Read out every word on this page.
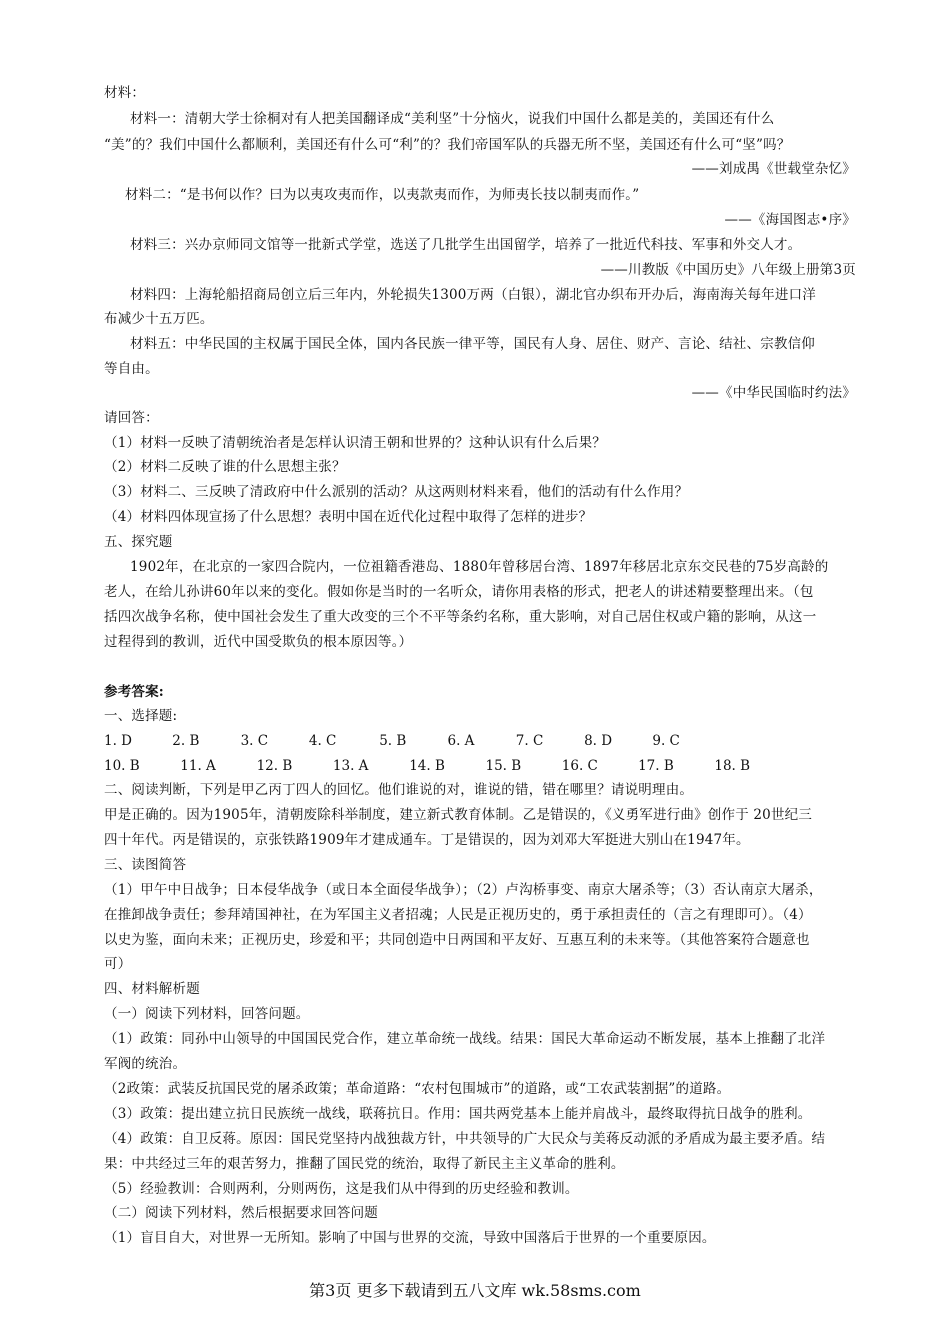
材料：
材料一：清朝大学士徐桐对有人把美国翻译成“美利坚”十分恼火，说我们中国什么都是美的，美国还有什么
“美”的？我们中国什么都顺利，美国还有什么可“利”的？我们帝国军队的兵器无所不坚，美国还有什么可“坚”吗？
——刘成禺《世载堂杂忆》
材料二：“是书何以作？曰为以夷攻夷而作，以夷款夷而作，为师夷长技以制夷而作。”
——《海国图志•序》
材料三：兴办京师同文馆等一批新式学堂，选送了几批学生出国留学，培养了一批近代科技、军事和外交人才。
——川教版《中国历史》八年级上册第3页
材料四：上海轮船招商局创立后三年内，外轮损失1300万两（白银），湖北官办织布开办后，海南海关每年进口洋
布减少十五万匹。
材料五：中华民国的主权属于国民全体，国内各民族一律平等，国民有人身、居住、财产、言论、结社、宗教信仰
等自由。
——《中华民国临时约法》
请回答：
（1）材料一反映了清朝统治者是怎样认识清王朝和世界的？这种认识有什么后果？
（2）材料二反映了谁的什么思想主张？
（3）材料二、三反映了清政府中什么派别的活动？从这两则材料来看，他们的活动有什么作用？
（4）材料四体现宣扬了什么思想？表明中国在近代化过程中取得了怎样的进步？
五、探究题
1902年，在北京的一家四合院内，一位祖籍香港岛、1880年曾移居台湾、1897年移居北京东交民巷的75岁高龄的
老人，在给儿孙讲60年以来的变化。假如你是当时的一名听众，请你用表格的形式，把老人的讲述精要整理出来。（包
括四次战争名称，使中国社会发生了重大改变的三个不平等条约名称，重大影响，对自己居住权或户籍的影响，从这一
过程得到的教训，近代中国受欺负的根本原因等。）
参考答案:
一、选择题:
1. D	2. B	3. C	4. C	5. B	6. A	7. C	8. D	9. C
10. B	11. A	12. B	13. A	14. B	15. B	16. C	17. B	18. B
二、阅读判断，下列是甲乙丙丁四人的回忆。他们谁说的对，谁说的错，错在哪里？请说明理由。
甲是正确的。因为1905年，清朝废除科举制度，建立新式教育体制。乙是错误的，《义勇军进行曲》创作于 20世纪三
四十年代。丙是错误的，京张铁路1909年才建成通车。丁是错误的，因为刘邓大军挺进大别山在1947年。
三、读图简答
（1）甲午中日战争；日本侵华战争（或日本全面侵华战争）；（2）卢沟桥事变、南京大屠杀等；（3）否认南京大屠杀，
在推卸战争责任；参拜靖国神社，在为军国主义者招魂；人民是正视历史的，勇于承担责任的（言之有理即可）。（4）
以史为鉴，面向未来；正视历史，珍爱和平；共同创造中日两国和平友好、互惠互利的未来等。（其他答案符合题意也
可）
四、材料解析题
（一）阅读下列材料，回答问题。
（1）政策：同孙中山领导的中国国民党合作，建立革命统一战线。结果：国民大革命运动不断发展，基本上推翻了北洋
军阀的统治。
（2政策：武装反抗国民党的屠杀政策；革命道路：“农村包围城市”的道路，或“工农武装割据”的道路。
（3）政策：提出建立抗日民族统一战线，联蒋抗日。作用：国共两党基本上能并肩战斗，最终取得抗日战争的胜利。
（4）政策：自卫反蒋。原因：国民党坚持内战独裁方针，中共领导的广大民众与美蒋反动派的矛盾成为最主要矛盾。结
果：中共经过三年的艰苦努力，推翻了国民党的统治，取得了新民主主义革命的胜利。
（5）经验教训：合则两利，分则两伤，这是我们从中得到的历史经验和教训。
（二）阅读下列材料，然后根据要求回答问题
（1）盲目自大，对世界一无所知。影响了中国与世界的交流，导致中国落后于世界的一个重要原因。
第3页 更多下载请到五八文库 wk.58sms.com
